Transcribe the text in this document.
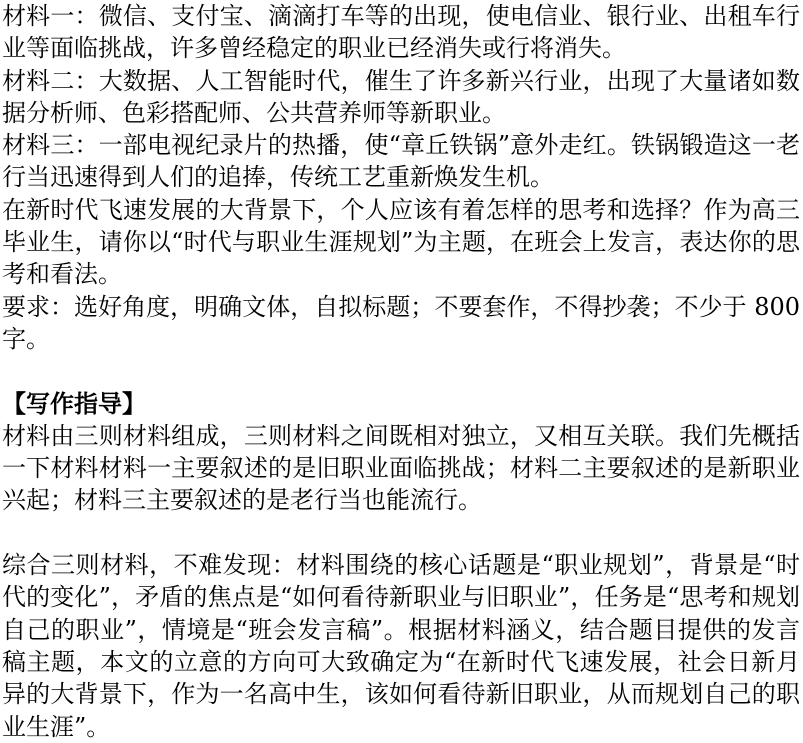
材料一：微信、支付宝、滴滴打车等的出现，使电信业、银行业、出租车行业等面临挑战，许多曾经稳定的职业已经消失或行将消失。

材料二：大数据、人工智能时代，催生了许多新兴行业，出现了大量诸如数据分析师、色彩搭配师、公共营养师等新职业。

材料三：一部电视纪录片的热播，使“章丘铁锅”意外走红。铁锅锻造这一老行当迅速得到人们的追捧，传统工艺重新焕发生机。

在新时代飞速发展的大背景下，个人应该有着怎样的思考和选择？作为高三毕业生，请你以“时代与职业生涯规划”为主题，在班会上发言，表达你的思考和看法。

要求：选好角度，明确文体，自拟标题；不要套作，不得抄袭；不少于 800 字。

【写作指导】

材料由三则材料组成，三则材料之间既相对独立，又相互关联。我们先概括一下材料材料一主要叙述的是旧职业面临挑战；材料二主要叙述的是新职业兴起；材料三主要叙述的是老行当也能流行。

综合三则材料，不难发现：材料围绕的核心话题是“职业规划”，背景是“时代的变化”，矛盾的焦点是“如何看待新职业与旧职业”，任务是“思考和规划自己的职业”，情境是“班会发言稿”。根据材料涵义，结合题目提供的发言稿主题，本文的立意的方向可大致确定为“在新时代飞速发展，社会日新月异的大背景下，作为一名高中生，该如何看待新旧职业，从而规划自己的职业生涯”。
